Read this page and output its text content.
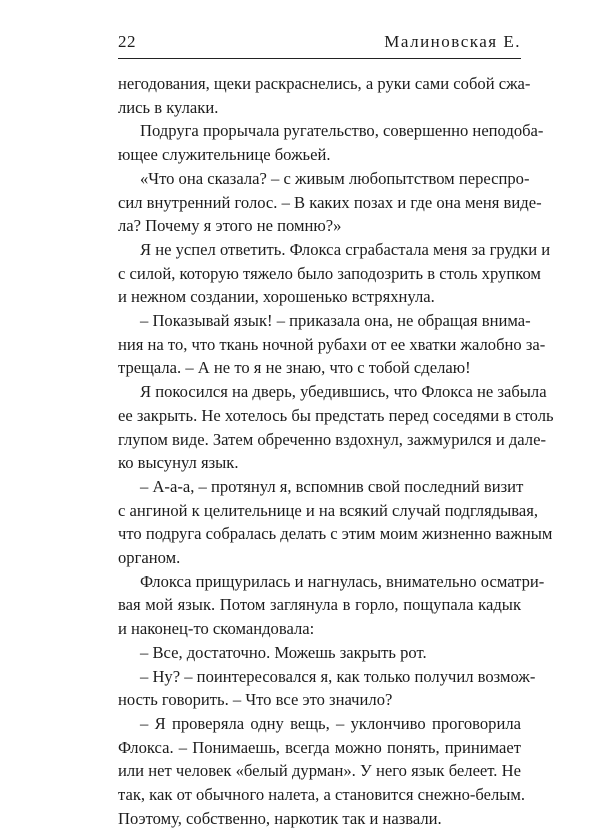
22	Малиновская Е.
негодования, щеки раскраснелись, а руки сами собой сжа-
лись в кулаки.
Подруга прорычала ругательство, совершенно неподоба-
ющее служительнице божьей.
«Что она сказала? – с живым любопытством переспро-
сил внутренний голос. – В каких позах и где она меня виде-
ла? Почему я этого не помню?»
Я не успел ответить. Флокса сграбастала меня за грудки и
с силой, которую тяжело было заподозрить в столь хрупком
и нежном создании, хорошенько встряхнула.
– Показывай язык! – приказала она, не обращая внима-
ния на то, что ткань ночной рубахи от ее хватки жалобно за-
трещала. – А не то я не знаю, что с тобой сделаю!
Я покосился на дверь, убедившись, что Флокса не забыла
ее закрыть. Не хотелось бы предстать перед соседями в столь
глупом виде. Затем обреченно вздохнул, зажмурился и дале-
ко высунул язык.
– А-а-а, – протянул я, вспомнив свой последний визит
с ангиной к целительнице и на всякий случай подглядывая,
что подруга собралась делать с этим моим жизненно важным
органом.
Флокса прищурилась и нагнулась, внимательно осматри-
вая мой язык. Потом заглянула в горло, пощупала кадык
и наконец-то скомандовала:
– Все, достаточно. Можешь закрыть рот.
– Ну? – поинтересовался я, как только получил возмож-
ность говорить. – Что все это значило?
– Я проверяла одну вещь, – уклончиво проговорила
Флокса. – Понимаешь, всегда можно понять, принимает
или нет человек «белый дурман». У него язык белеет. Не
так, как от обычного налета, а становится снежно-белым.
Поэтому, собственно, наркотик так и назвали.
